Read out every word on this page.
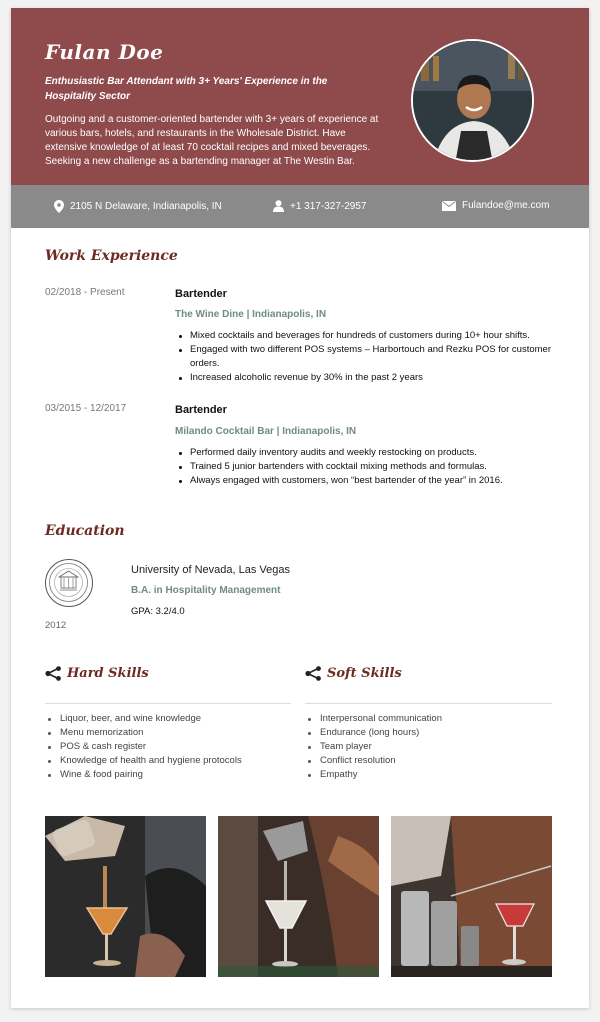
Fulan Doe
Enthusiastic Bar Attendant with 3+ Years' Experience in the Hospitality Sector
Outgoing and a customer-oriented bartender with 3+ years of experience at various bars, hotels, and restaurants in the Wholesale District. Have extensive knowledge of at least 70 cocktail recipes and mixed beverages. Seeking a new challenge as a bartending manager at The Westin Bar.
2105 N Delaware, Indianapolis, IN	+1 317-327-2957	Fulandoe@me.com
Work Experience
02/2018 - Present	Bartender
The Wine Dine | Indianapolis, IN
Mixed cocktails and beverages for hundreds of customers during 10+ hour shifts.
Engaged with two different POS systems – Harbortouch and Rezku POS for customer orders.
Increased alcoholic revenue by 30% in the past 2 years
03/2015 - 12/2017	Bartender
Milando Cocktail Bar | Indianapolis, IN
Performed daily inventory audits and weekly restocking on products.
Trained 5 junior bartenders with cocktail mixing methods and formulas.
Always engaged with customers, won “best bartender of the year” in 2016.
Education
University of Nevada, Las Vegas
B.A. in Hospitality Management
GPA: 3.2/4.0
2012
Hard Skills
Liquor, beer, and wine knowledge
Menu memorization
POS & cash register
Knowledge of health and hygiene protocols
Wine & food pairing
Soft Skills
Interpersonal communication
Endurance (long hours)
Team player
Conflict resolution
Empathy
